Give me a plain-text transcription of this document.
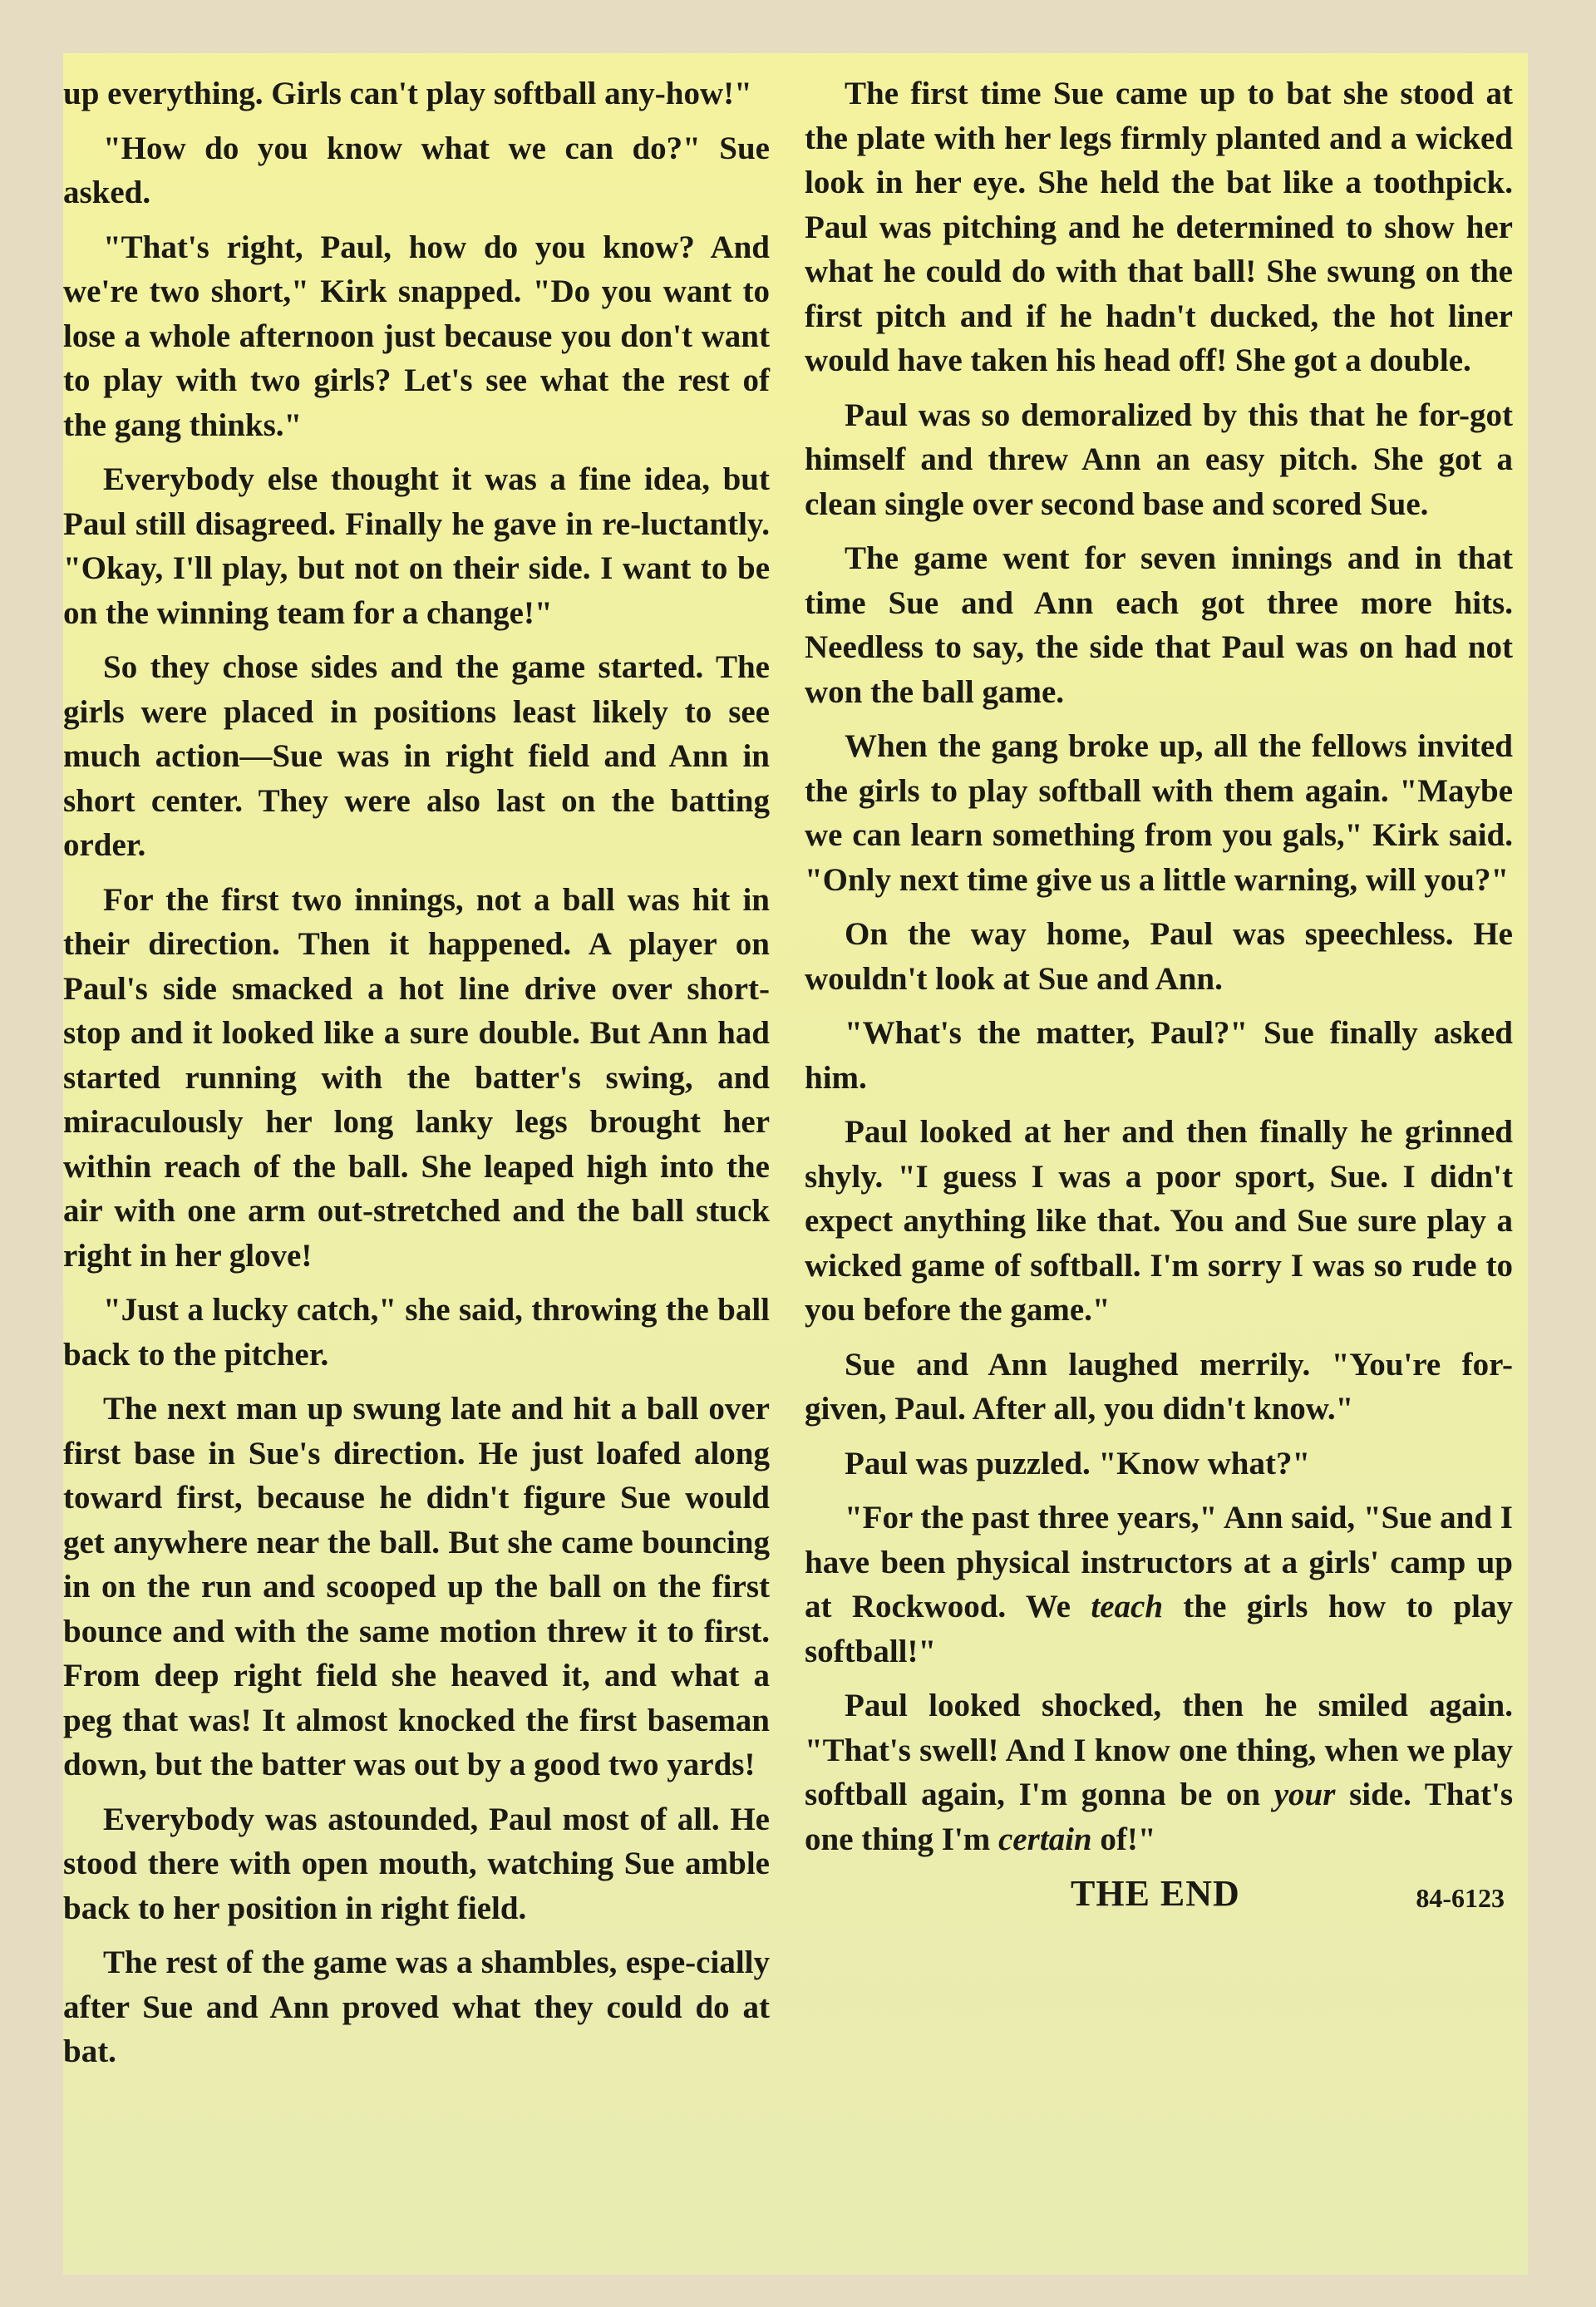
up everything. Girls can't play softball any-how!"

"How do you know what we can do?" Sue asked.

"That's right, Paul, how do you know? And we're two short," Kirk snapped. "Do you want to lose a whole afternoon just because you don't want to play with two girls? Let's see what the rest of the gang thinks."

Everybody else thought it was a fine idea, but Paul still disagreed. Finally he gave in re-luctantly. "Okay, I'll play, but not on their side. I want to be on the winning team for a change!"

So they chose sides and the game started. The girls were placed in positions least likely to see much action—Sue was in right field and Ann in short center. They were also last on the batting order.

For the first two innings, not a ball was hit in their direction. Then it happened. A player on Paul's side smacked a hot line drive over short-stop and it looked like a sure double. But Ann had started running with the batter's swing, and miraculously her long lanky legs brought her within reach of the ball. She leaped high into the air with one arm out-stretched and the ball stuck right in her glove!

"Just a lucky catch," she said, throwing the ball back to the pitcher.

The next man up swung late and hit a ball over first base in Sue's direction. He just loafed along toward first, because he didn't figure Sue would get anywhere near the ball. But she came bouncing in on the run and scooped up the ball on the first bounce and with the same motion threw it to first. From deep right field she heaved it, and what a peg that was! It almost knocked the first baseman down, but the batter was out by a good two yards!

Everybody was astounded, Paul most of all. He stood there with open mouth, watching Sue amble back to her position in right field.

The rest of the game was a shambles, espe-cially after Sue and Ann proved what they could do at bat.

The first time Sue came up to bat she stood at the plate with her legs firmly planted and a wicked look in her eye. She held the bat like a toothpick. Paul was pitching and he determined to show her what he could do with that ball! She swung on the first pitch and if he hadn't ducked, the hot liner would have taken his head off! She got a double.

Paul was so demoralized by this that he for-got himself and threw Ann an easy pitch. She got a clean single over second base and scored Sue.

The game went for seven innings and in that time Sue and Ann each got three more hits. Needless to say, the side that Paul was on had not won the ball game.

When the gang broke up, all the fellows invited the girls to play softball with them again. "Maybe we can learn something from you gals," Kirk said. "Only next time give us a little warning, will you?"

On the way home, Paul was speechless. He wouldn't look at Sue and Ann.

"What's the matter, Paul?" Sue finally asked him.

Paul looked at her and then finally he grinned shyly. "I guess I was a poor sport, Sue. I didn't expect anything like that. You and Sue sure play a wicked game of softball. I'm sorry I was so rude to you before the game."

Sue and Ann laughed merrily. "You're for-given, Paul. After all, you didn't know."

Paul was puzzled. "Know what?"

"For the past three years," Ann said, "Sue and I have been physical instructors at a girls' camp up at Rockwood. We teach the girls how to play softball!"

Paul looked shocked, then he smiled again. "That's swell! And I know one thing, when we play softball again, I'm gonna be on your side. That's one thing I'm certain of!"

THE END	84-6123
